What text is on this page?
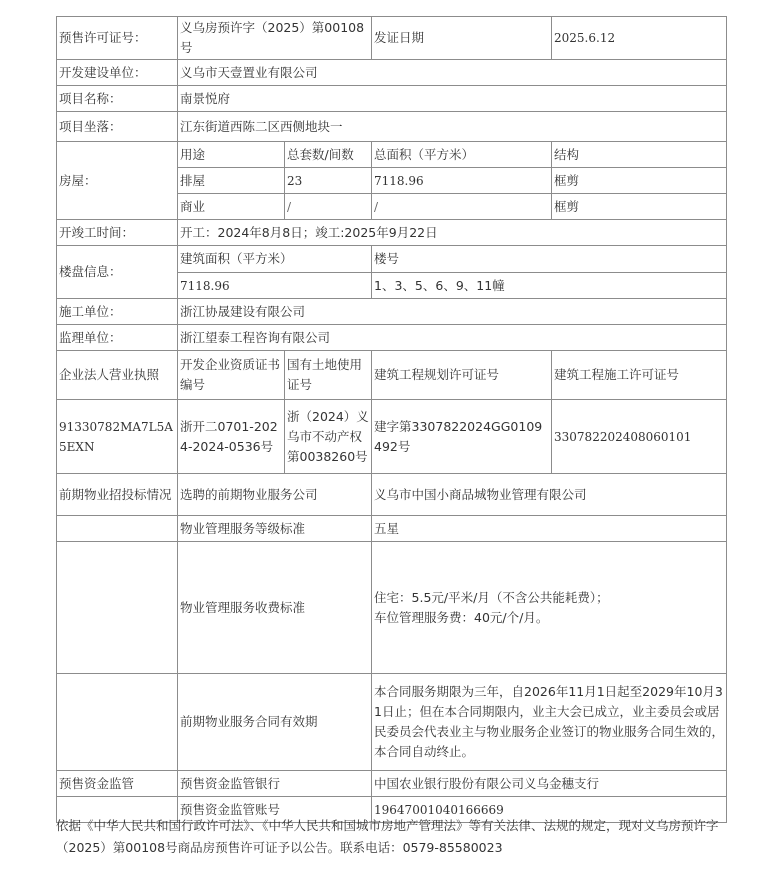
预售许可证号：	义乌房预许字（2025）第00108号		发证日期	2025.6.12
开发建设单位：	义乌市天壹置业有限公司			
项目名称：	南景悦府			
项目坐落：	江东街道西陈二区西侧地块一			
房屋：	用途	总套数/间数	总面积（平方米）	结构
	排屋	23	7118.96	框剪
	商业	/	/	框剪
开竣工时间：	开工：2024年8月8日；竣工:2025年9月22日			
楼盘信息：	建筑面积（平方米）		楼号	
	7118.96		1、3、5、6、9、11幢	
施工单位：	浙江协晟建设有限公司			
监理单位：	浙江望泰工程咨询有限公司			
企业法人营业执照	开发企业资质证书编号	国有土地使用证号	建筑工程规划许可证号	建筑工程施工许可证号
91330782MA7L5A5EXN	浙开二0701-2024-2024-0536号	浙（2024）义乌市不动产权第0038260号	建字第3307822024GG0109492号	330782202408060101
前期物业招投标情况	选聘的前期物业服务公司		义乌市中国小商品城物业管理有限公司	
	物业管理服务等级标准		五星	
	物业管理服务收费标准		住宅：5.5元/平米/月（不含公共能耗费）；
车位管理服务费：40元/个/月。	

	前期物业服务合同有效期		本合同服务期限为三年，自2026年11月1日起至2029年10月31日止；但在本合同期限内，业主大会已成立，业主委员会或居民委员会代表业主与物业服务企业签订的物业服务合同生效的，本合同自动终止。	
预售资金监管	预售资金监管银行		中国农业银行股份有限公司义乌金穗支行	
	预售资金监管账号		19647001040166669	
依据《中华人民共和国行政许可法》、《中华人民共和国城市房地产管理法》等有关法律、法规的规定，现对义乌房预许字（2025）第00108号商品房预售许可证予以公告。联系电话：0579-85580023
